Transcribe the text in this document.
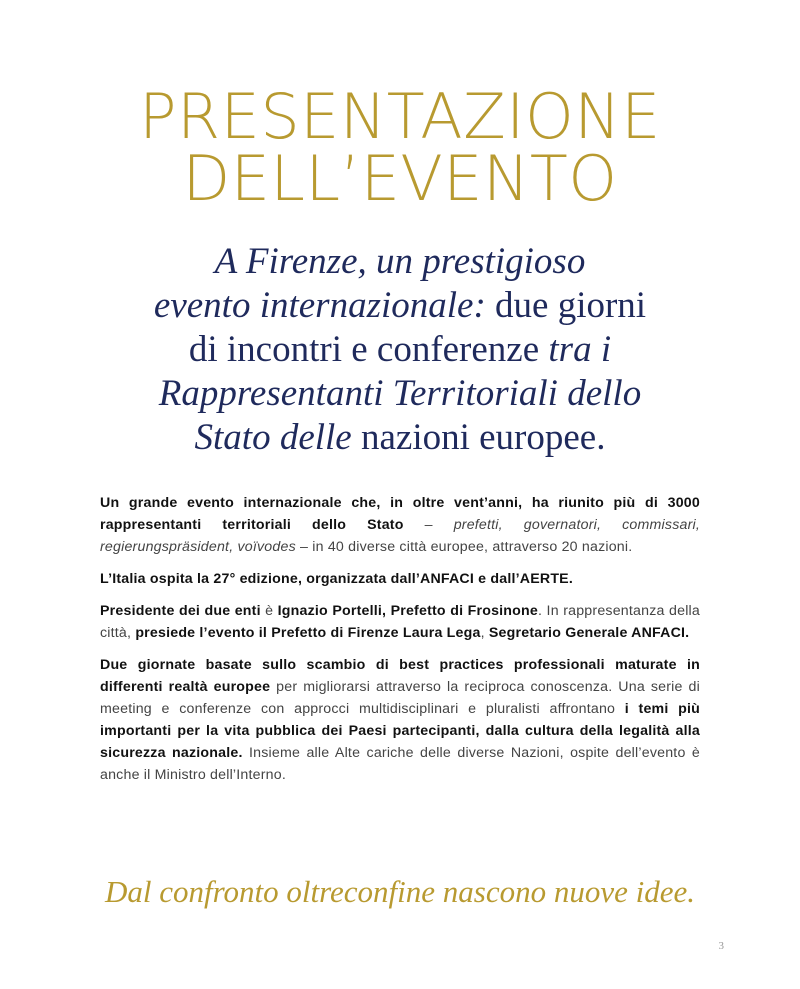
PRESENTAZIONE
DELL’EVENTO

A Firenze, un prestigioso
evento internazionale: due giorni
di incontri e conferenze tra i
Rappresentanti Territoriali dello
Stato delle nazioni europee.

Un grande evento internazionale che, in oltre vent’anni, ha riunito più di 3000 rappresentanti territoriali dello Stato – prefetti, governatori, commissari, regierungspräsident, voïvodes – in 40 diverse città europee, attraverso 20 nazioni.

L’Italia ospita la 27° edizione, organizzata dall’ANFACI e dall’AERTE.

Presidente dei due enti è Ignazio Portelli, Prefetto di Frosinone. In rappresentanza della città, presiede l’evento il Prefetto di Firenze Laura Lega, Segretario Generale ANFACI.

Due giornate basate sullo scambio di best practices professionali maturate in differenti realtà europee per migliorarsi attraverso la reciproca conoscenza. Una serie di meeting e conferenze con approcci multidisciplinari e pluralisti affrontano i temi più importanti per la vita pubblica dei Paesi partecipanti, dalla cultura della legalità alla sicurezza nazionale. Insieme alle Alte cariche delle diverse Nazioni, ospite dell’evento è anche il Ministro dell’Interno.

Dal confronto oltreconfine nascono nuove idee.

3
